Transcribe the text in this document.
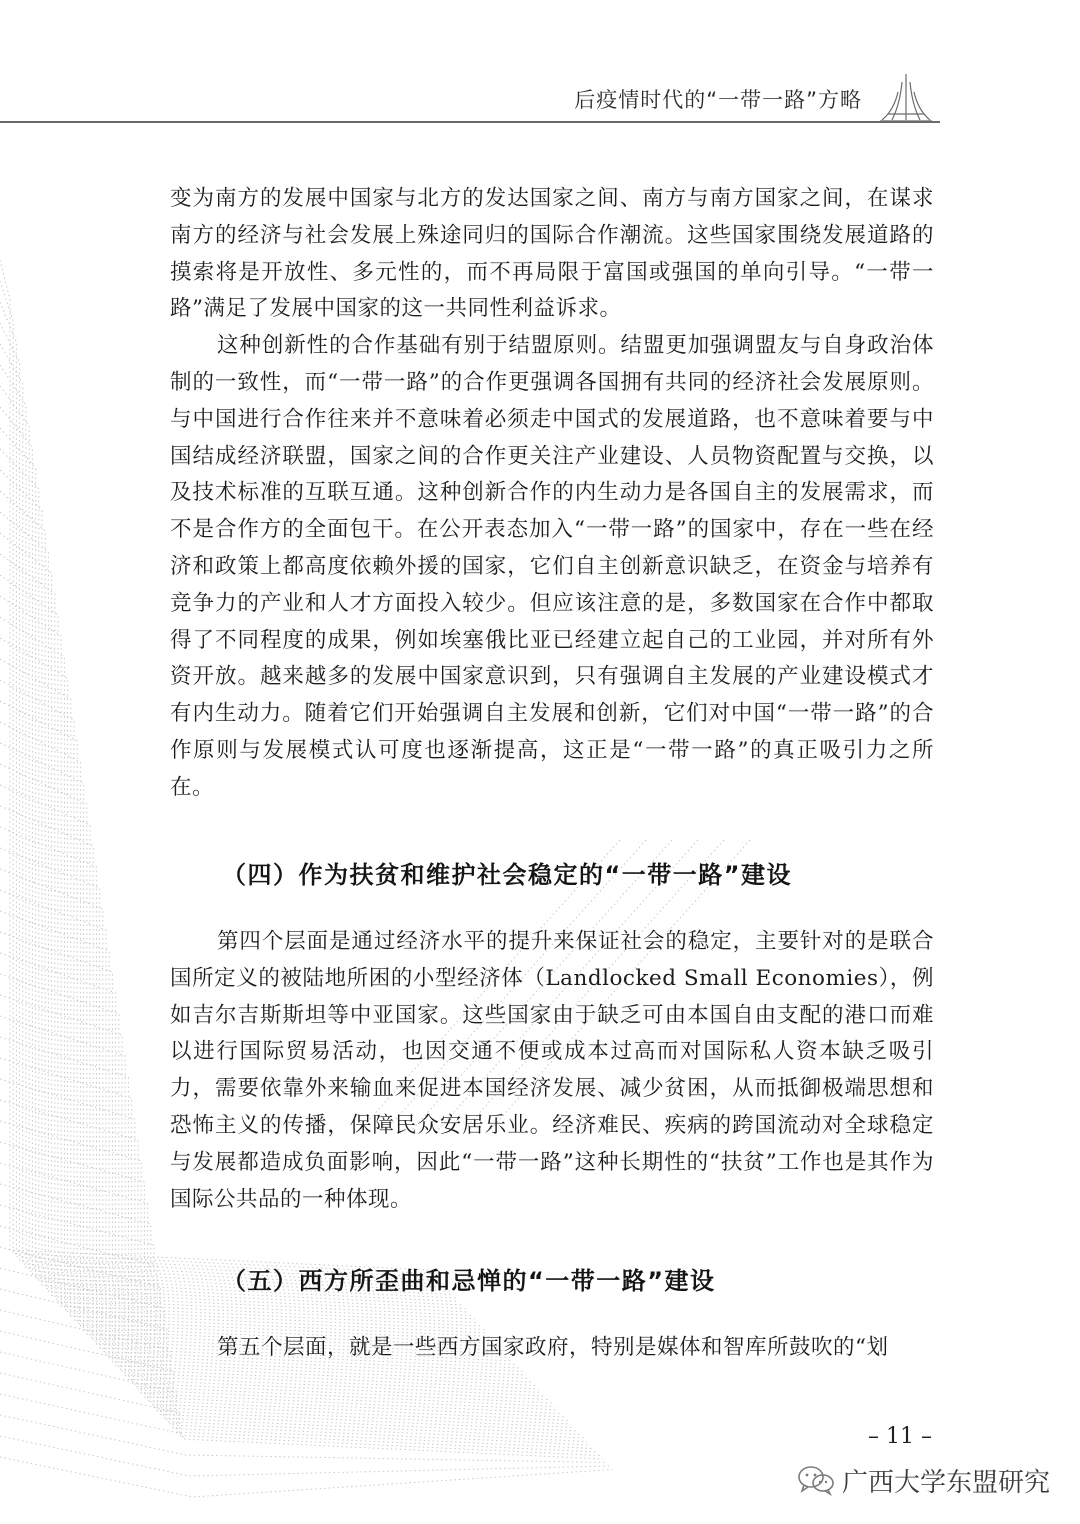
后疫情时代的“一带一路”方略

变为南方的发展中国家与北方的发达国家之间、南方与南方国家之间，在谋求南方的经济与社会发展上殊途同归的国际合作潮流。这些国家围绕发展道路的摸索将是开放性、多元性的，而不再局限于富国或强国的单向引导。“一带一路”满足了发展中国家的这一共同性利益诉求。

这种创新性的合作基础有别于结盟原则。结盟更加强调盟友与自身政治体制的一致性，而“一带一路”的合作更强调各国拥有共同的经济社会发展原则。与中国进行合作往来并不意味着必须走中国式的发展道路，也不意味着要与中国结成经济联盟，国家之间的合作更关注产业建设、人员物资配置与交换，以及技术标准的互联互通。这种创新合作的内生动力是各国自主的发展需求，而不是合作方的全面包干。在公开表态加入“一带一路”的国家中，存在一些在经济和政策上都高度依赖外援的国家，它们自主创新意识缺乏，在资金与培养有竞争力的产业和人才方面投入较少。但应该注意的是，多数国家在合作中都取得了不同程度的成果，例如埃塞俄比亚已经建立起自己的工业园，并对所有外资开放。越来越多的发展中国家意识到，只有强调自主发展的产业建设模式才有内生动力。随着它们开始强调自主发展和创新，它们对中国“一带一路”的合作原则与发展模式认可度也逐渐提高，这正是“一带一路”的真正吸引力之所在。

（四）作为扶贫和维护社会稳定的“一带一路”建设

第四个层面是通过经济水平的提升来保证社会的稳定，主要针对的是联合国所定义的被陆地所困的小型经济体（Landlocked Small Economies），例如吉尔吉斯斯坦等中亚国家。这些国家由于缺乏可由本国自由支配的港口而难以进行国际贸易活动，也因交通不便或成本过高而对国际私人资本缺乏吸引力，需要依靠外来输血来促进本国经济发展、减少贫困，从而抵御极端思想和恐怖主义的传播，保障民众安居乐业。经济难民、疾病的跨国流动对全球稳定与发展都造成负面影响，因此“一带一路”这种长期性的“扶贫”工作也是其作为国际公共品的一种体现。

（五）西方所歪曲和忌惮的“一带一路”建设

第五个层面，就是一些西方国家政府，特别是媒体和智库所鼓吹的“划

– 11 –
广西大学东盟研究
